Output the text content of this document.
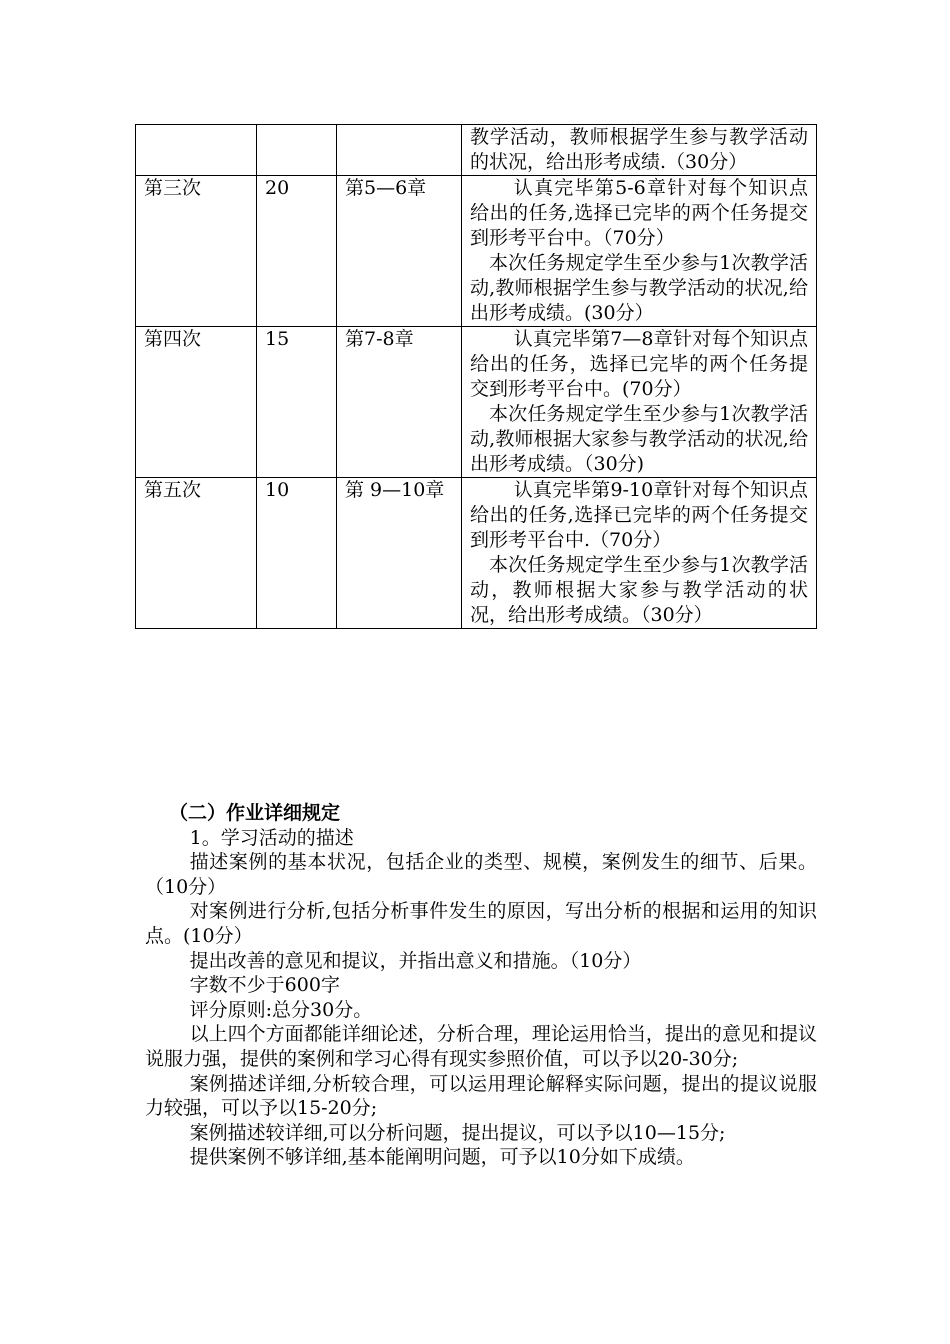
			教学活动，教师根据学生参与教学活动的状况，给出形考成绩.（30分）

第三次	20	第5—6章	认真完毕第5-6章针对每个知识点给出的任务,选择已完毕的两个任务提交到形考平台中。（70分）
本次任务规定学生至少参与1次教学活动,教师根据学生参与教学活动的状况,给出形考成绩。(30分）

第四次	15	第7-8章	认真完毕第7—8章针对每个知识点给出的任务，选择已完毕的两个任务提交到形考平台中。(70分）
本次任务规定学生至少参与1次教学活动,教师根据大家参与教学活动的状况,给出形考成绩。（30分)

第五次	10	第 9—10章	认真完毕第9-10章针对每个知识点给出的任务,选择已完毕的两个任务提交到形考平台中.（70分）
本次任务规定学生至少参与1次教学活动，教师根据大家参与教学活动的状况，给出形考成绩。（30分）
（二）作业详细规定
1。学习活动的描述
描述案例的基本状况，包括企业的类型、规模，案例发生的细节、后果。（10分）
对案例进行分析,包括分析事件发生的原因，写出分析的根据和运用的知识点。(10分）
提出改善的意见和提议，并指出意义和措施。（10分）
字数不少于600字
评分原则:总分30分。
以上四个方面都能详细论述，分析合理，理论运用恰当，提出的意见和提议说服力强，提供的案例和学习心得有现实参照价值，可以予以20-30分;
案例描述详细,分析较合理，可以运用理论解释实际问题，提出的提议说服力较强，可以予以15-20分;
案例描述较详细,可以分析问题，提出提议，可以予以10—15分;
提供案例不够详细,基本能阐明问题，可予以10分如下成绩。
